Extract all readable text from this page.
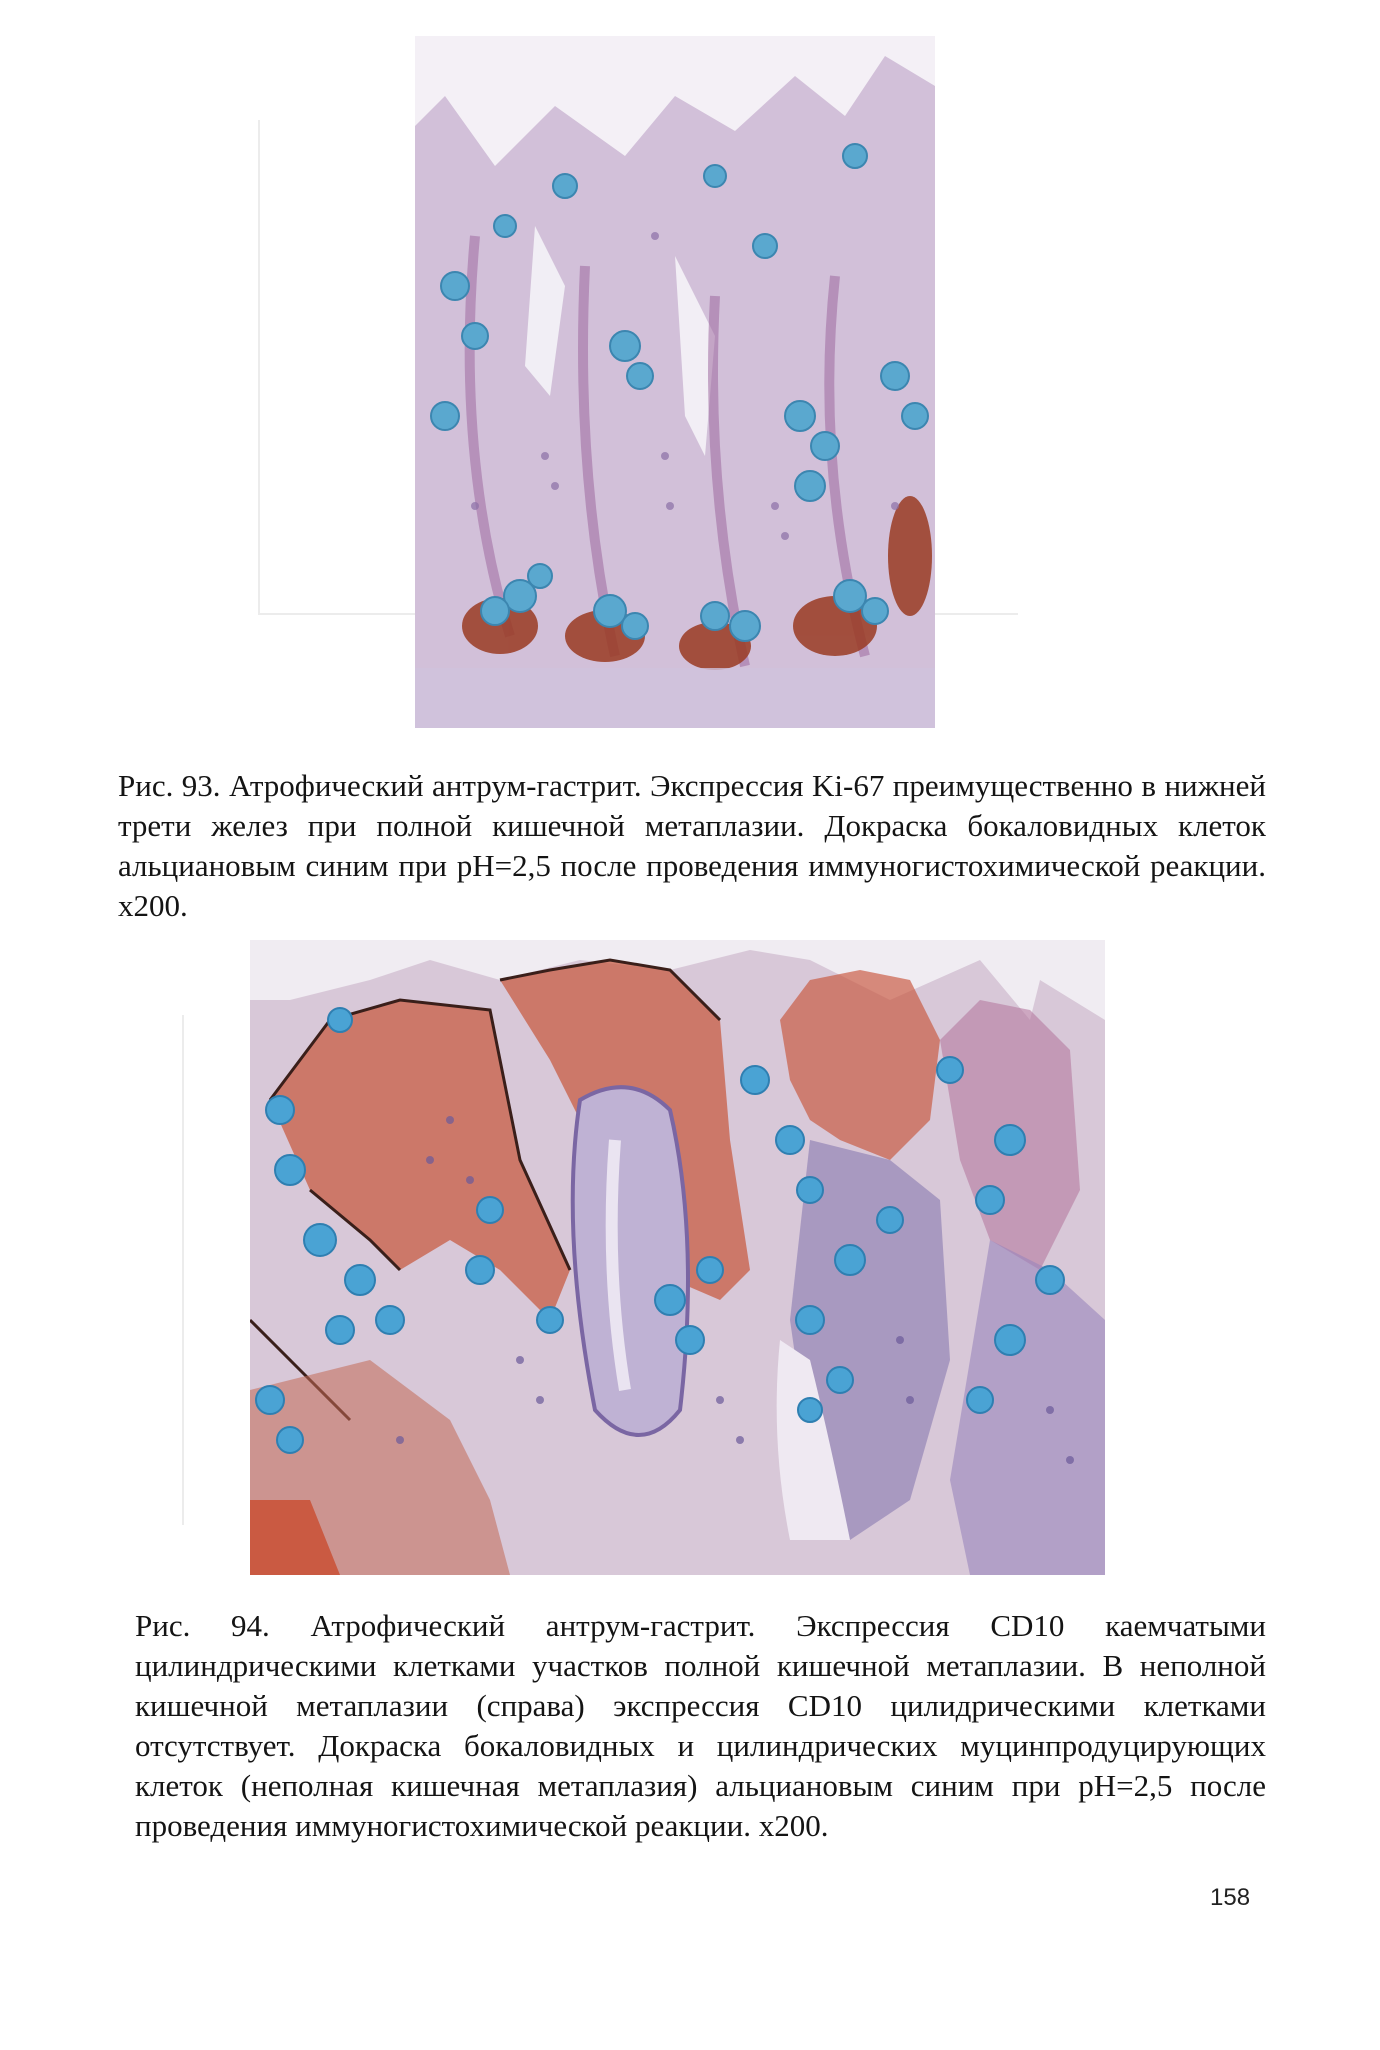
Рис. 93. Атрофический антрум-гастрит. Экспрессия Ki-67 преимущественно в нижней трети желез при полной кишечной метаплазии. Докраска бокаловидных клеток альциановым синим при pH=2,5 после проведения иммуногистохимической реакции. x200.

Рис. 94. Атрофический антрум-гастрит. Экспрессия CD10 каемчатыми цилиндрическими клетками участков полной кишечной метаплазии. В неполной кишечной метаплазии (справа) экспрессия CD10 цилидрическими клетками отсутствует. Докраска бокаловидных и цилиндрических муцинпродуцирующих клеток (неполная кишечная метаплазия) альциановым синим при pH=2,5 после проведения иммуногистохимической реакции. x200.

158
